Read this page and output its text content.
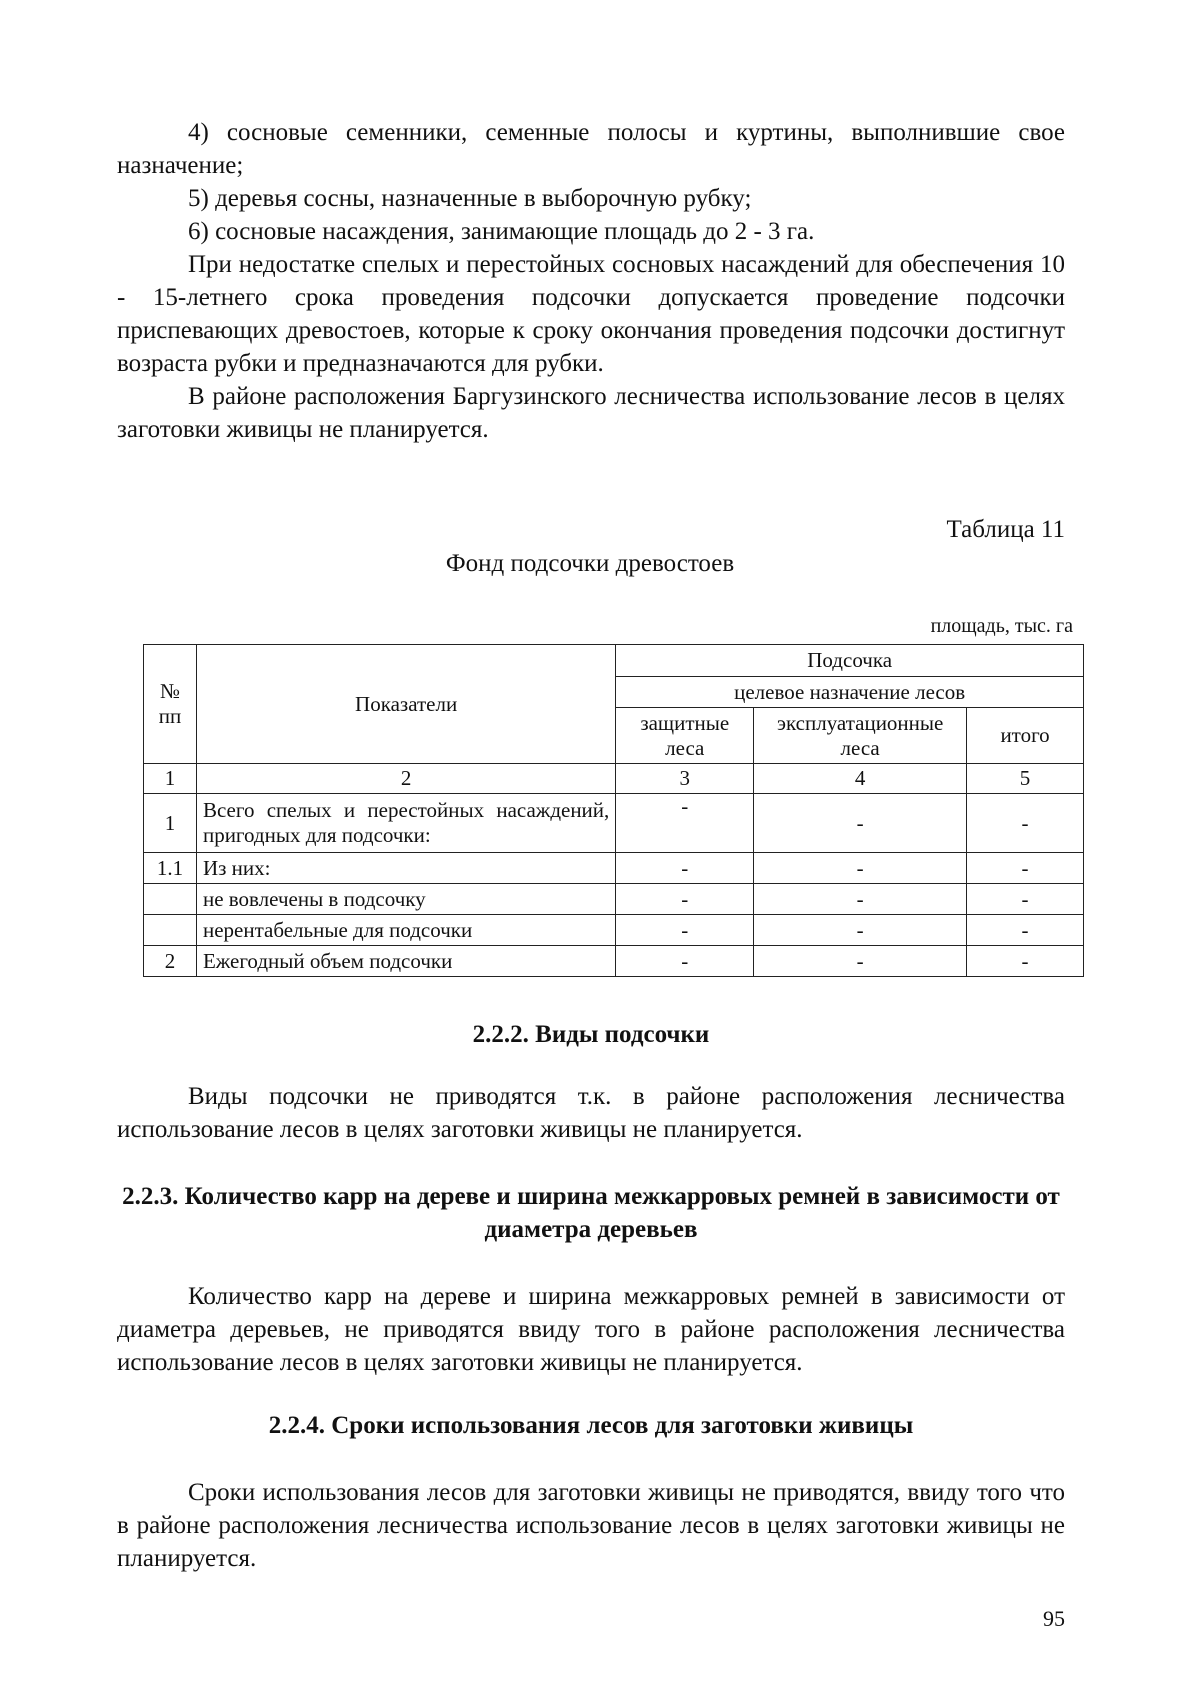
4) сосновые семенники, семенные полосы и куртины, выполнившие свое назначение;

5) деревья сосны, назначенные в выборочную рубку;

6) сосновые насаждения, занимающие площадь до 2 - 3 га.

При недостатке спелых и перестойных сосновых насаждений для обеспечения 10 - 15-летнего срока проведения подсочки допускается проведение подсочки приспевающих древостоев, которые к сроку окончания проведения подсочки достигнут возраста рубки и предназначаются для рубки.

В районе расположения Баргузинского лесничества использование лесов в целях заготовки живицы не планируется.

Таблица 11
Фонд подсочки древостоев
площадь, тыс. га
№ пп	Показатели	Подсочка		
		целевое назначение лесов		
		защитные леса	эксплуатационные леса	итого
1	2	3	4	5
1	Всего спелых и перестойных насаждений, пригодных для подсочки:	-	-	-
1.1	Из них:	-	-	-
	не вовлечены в подсочку	-	-	-
	нерентабельные для подсочки	-	-	-
2	Ежегодный объем подсочки	-	-	-
2.2.2. Виды подсочки

Виды подсочки не приводятся т.к. в районе расположения лесничества использование лесов в целях заготовки живицы не планируется.

2.2.3. Количество карр на дереве и ширина межкарровых ремней в зависимости от диаметра деревьев

Количество карр на дереве и ширина межкарровых ремней в зависимости от диаметра деревьев, не приводятся ввиду того в районе расположения лесничества использование лесов в целях заготовки живицы не планируется.

2.2.4. Сроки использования лесов для заготовки живицы

Сроки использования лесов для заготовки живицы не приводятся, ввиду того что в районе расположения лесничества использование лесов в целях заготовки живицы не планируется.

95
